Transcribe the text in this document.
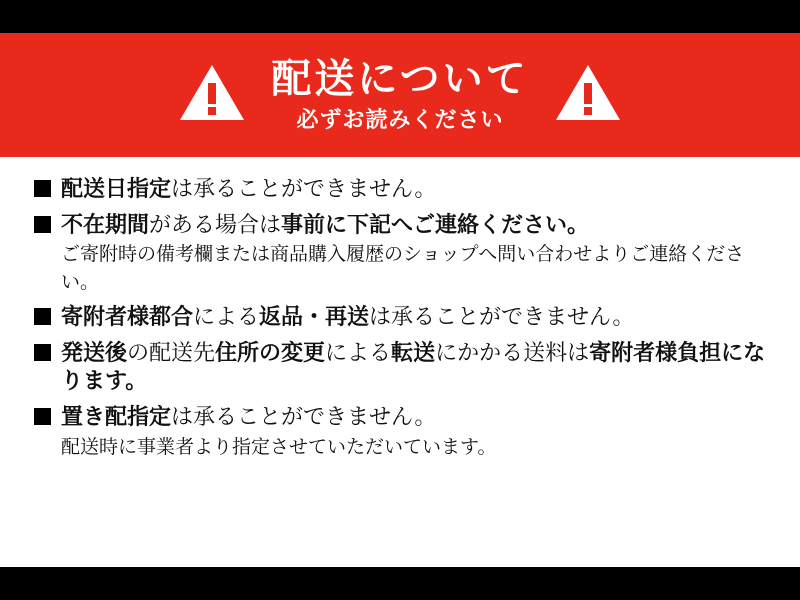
配送について
必ずお読みください
配送日指定は承ることができません。
不在期間がある場合は事前に下記へご連絡ください。
ご寄附時の備考欄または商品購入履歴のショップへ問い合わせよりご連絡ください。
寄附者様都合による返品・再送は承ることができません。
発送後の配送先住所の変更による転送にかかる送料は寄附者様負担になります。
置き配指定は承ることができません。
配送時に事業者より指定させていただいています。
